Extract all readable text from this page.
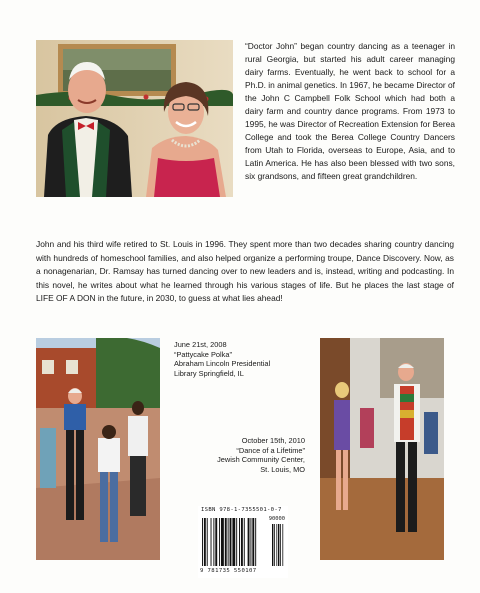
“Doctor John” began country dancing as a teenager in rural Georgia, but started his adult career managing dairy farms. Eventually, he went back to school for a Ph.D. in animal genetics. In 1967, he became Director of the John C Campbell Folk School which had both a dairy farm and country dance programs. From 1973 to 1995, he was Director of Recreation Extension for Berea College and took the Berea College Country Dancers from Utah to Florida, overseas to Europe, Asia, and to Latin America. He has also been blessed with two sons, six grandsons, and fifteen great grandchildren.

John and his third wife retired to St. Louis in 1996. They spent more than two decades sharing country dancing with hundreds of homeschool families, and also helped organize a performing troupe, Dance Discovery. Now, as a nonagenarian, Dr. Ramsay has turned dancing over to new leaders and is, instead, writing and podcasting. In this novel, he writes about what he learned through his various stages of life. But he places the last stage of LIFE OF A DON in the future, in 2030, to guess at what lies ahead!

June 21st, 2008
“Pattycake Polka”
Abraham Lincoln Presidential
Library Springfield, IL
October 15th, 2010
“Dance of a Lifetime”
Jewish Community Center,
St. Louis, MO
ISBN 978-1-7355501-0-7
90000
9 781735 550107
